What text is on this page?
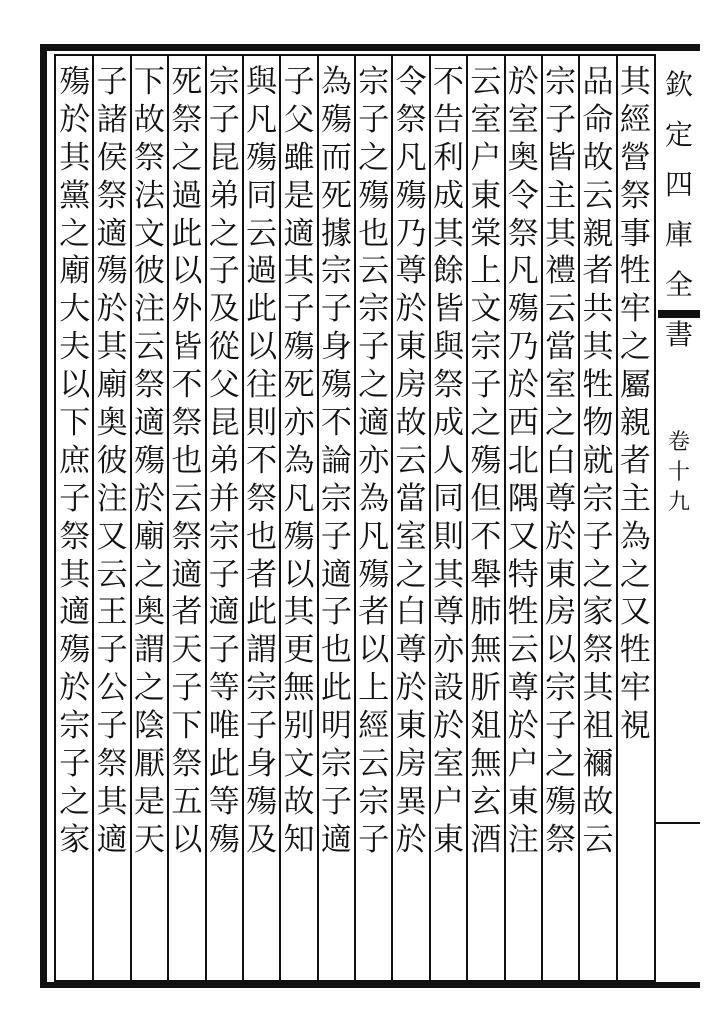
其
經
營
祭
事
牲
牢
之
屬
親
者
主
為
之
又
牲
牢
視
品
命
故
云
親
者
共
其
牲
物
就
宗
子
之
家
祭
其
祖
禰
故
云
宗
子
皆
主
其
禮
云
當
室
之
白
尊
於
東
房
以
宗
子
之
殤
祭
於
室
奥
令
祭
凡
殤
乃
於
西
北
隅
又
特
牲
云
尊
於
户
東
注
云
室
户
東
棠
上
文
宗
子
之
殤
但
不
舉
肺
無
肵
爼
無
玄
酒
不
告
利
成
其
餘
皆
與
祭
成
人
同
則
其
尊
亦
設
於
室
户
東
令
祭
凡
殤
乃
尊
於
東
房
故
云
當
室
之
白
尊
於
東
房
異
於
宗
子
之
殤
也
云
宗
子
之
適
亦
為
凡
殤
者
以
上
經
云
宗
子
為
殤
而
死
據
宗
子
身
殤
不
論
宗
子
適
子
也
此
明
宗
子
適
子
父
雖
是
適
其
子
殤
死
亦
為
凡
殤
以
其
更
無
别
文
故
知
與
凡
殤
同
云
過
此
以
往
則
不
祭
也
者
此
謂
宗
子
身
殤
及
宗
子
昆
弟
之
子
及
從
父
昆
弟
并
宗
子
適
子
等
唯
此
等
殤
死
祭
之
過
此
以
外
皆
不
祭
也
云
祭
適
者
天
子
下
祭
五
以
下
故
祭
法
文
彼
注
云
祭
適
殤
於
廟
之
奥
謂
之
陰
厭
是
天
子
諸
侯
祭
適
殤
於
其
廟
奥
彼
注
又
云
王
子
公
子
祭
其
適
殤
於
其
黨
之
廟
大
夫
以
下
庶
子
祭
其
適
殤
於
宗
子
之
家
欽
定
四
庫
全
書
卷
十
九
